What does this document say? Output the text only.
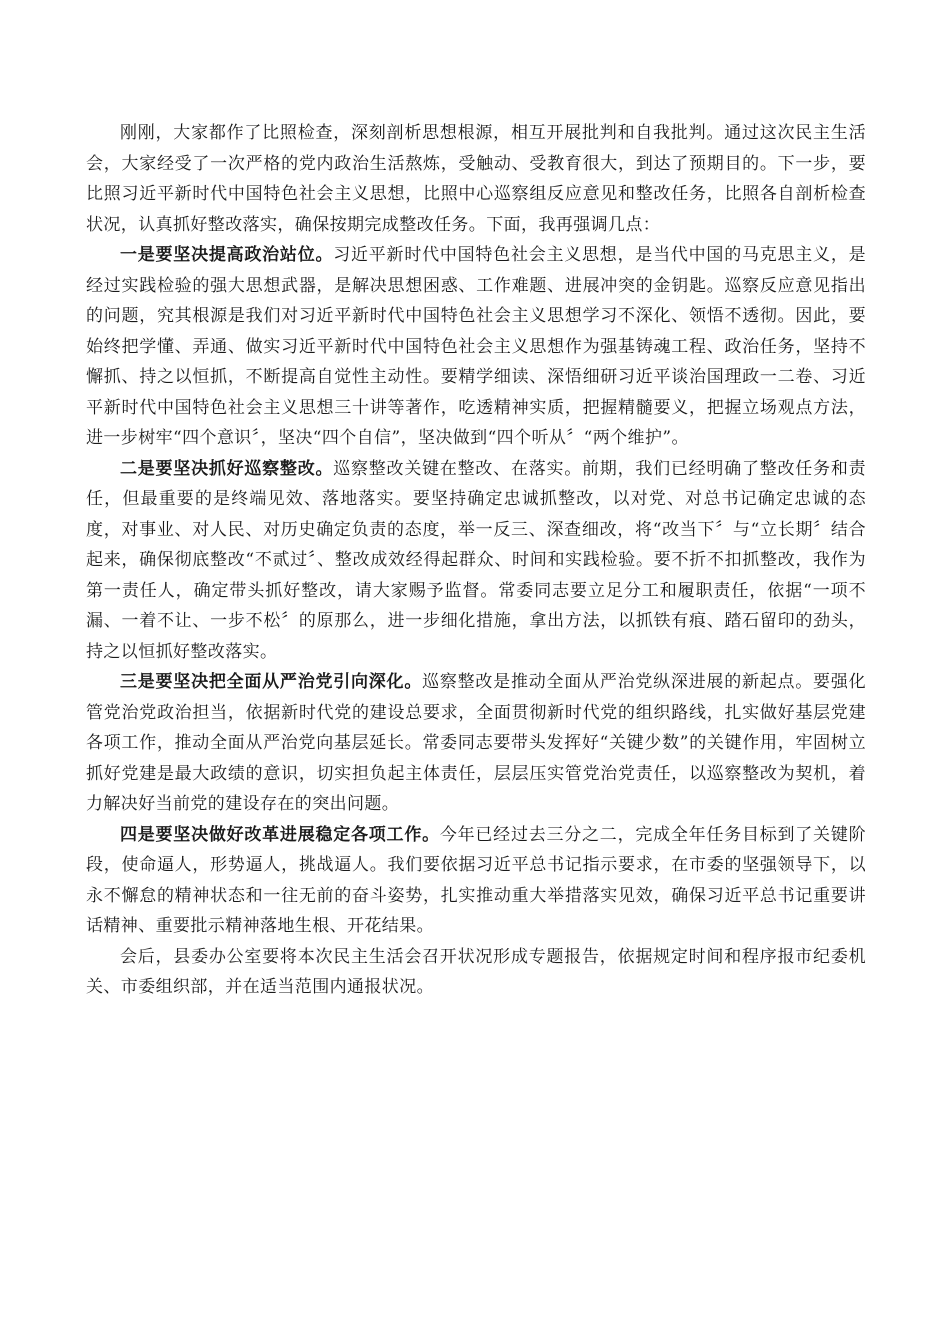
刚刚，大家都作了比照检查，深刻剖析思想根源，相互开展批判和自我批判。通过这次民主生活会，大家经受了一次严格的党内政治生活熬炼，受触动、受教育很大，到达了预期目的。下一步，要比照习近平新时代中国特色社会主义思想，比照中心巡察组反应意见和整改任务，比照各自剖析检查状况，认真抓好整改落实，确保按期完成整改任务。下面，我再强调几点：

一是要坚决提高政治站位。习近平新时代中国特色社会主义思想，是当代中国的马克思主义，是经过实践检验的强大思想武器，是解决思想困惑、工作难题、进展冲突的金钥匙。巡察反应意见指出的问题，究其根源是我们对习近平新时代中国特色社会主义思想学习不深化、领悟不透彻。因此，要始终把学懂、弄通、做实习近平新时代中国特色社会主义思想作为强基铸魂工程、政治任务，坚持不懈抓、持之以恒抓，不断提高自觉性主动性。要精学细读、深悟细研习近平谈治国理政一二卷、习近平新时代中国特色社会主义思想三十讲等著作，吃透精神实质，把握精髓要义，把握立场观点方法，进一步树牢“四个意识〞，坚决“四个自信”，坚决做到“四个听从〞“两个维护”。

二是要坚决抓好巡察整改。巡察整改关键在整改、在落实。前期，我们已经明确了整改任务和责任，但最重要的是终端见效、落地落实。要坚持确定忠诚抓整改，以对党、对总书记确定忠诚的态度，对事业、对人民、对历史确定负责的态度，举一反三、深查细改，将“改当下〞与“立长期〞结合起来，确保彻底整改“不贰过〞、整改成效经得起群众、时间和实践检验。要不折不扣抓整改，我作为第一责任人，确定带头抓好整改，请大家赐予监督。常委同志要立足分工和履职责任，依据“一项不漏、一着不让、一步不松〞的原那么，进一步细化措施，拿出方法，以抓铁有痕、踏石留印的劲头，持之以恒抓好整改落实。

三是要坚决把全面从严治党引向深化。巡察整改是推动全面从严治党纵深进展的新起点。要强化管党治党政治担当，依据新时代党的建设总要求，全面贯彻新时代党的组织路线，扎实做好基层党建各项工作，推动全面从严治党向基层延长。常委同志要带头发挥好“关键少数”的关键作用，牢固树立抓好党建是最大政绩的意识，切实担负起主体责任，层层压实管党治党责任，以巡察整改为契机，着力解决好当前党的建设存在的突出问题。

四是要坚决做好改革进展稳定各项工作。今年已经过去三分之二，完成全年任务目标到了关键阶段，使命逼人，形势逼人，挑战逼人。我们要依据习近平总书记指示要求，在市委的坚强领导下，以永不懈怠的精神状态和一往无前的奋斗姿势，扎实推动重大举措落实见效，确保习近平总书记重要讲话精神、重要批示精神落地生根、开花结果。

会后，县委办公室要将本次民主生活会召开状况形成专题报告，依据规定时间和程序报市纪委机关、市委组织部，并在适当范围内通报状况。
